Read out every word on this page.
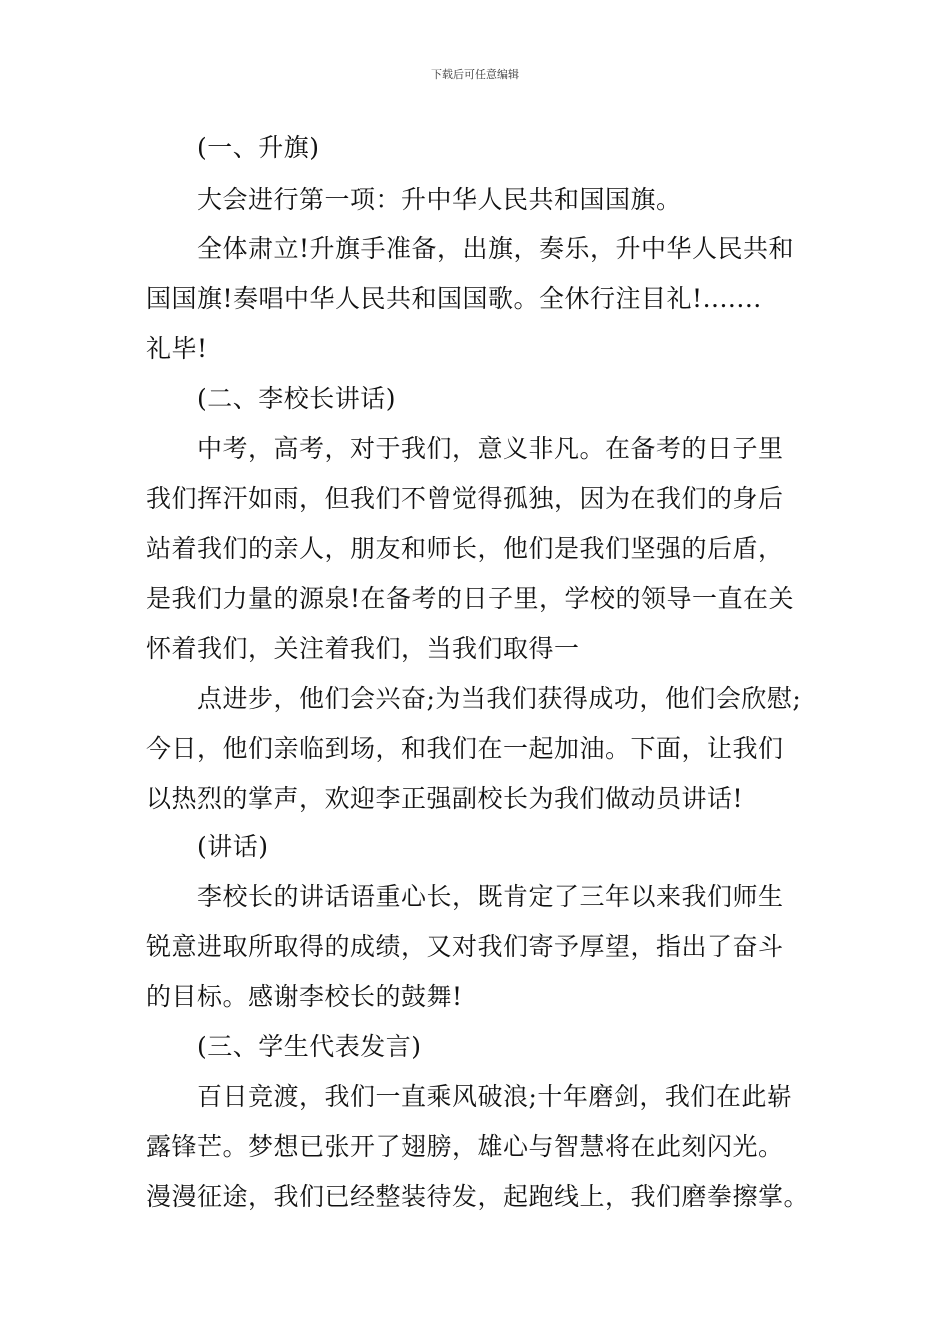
下载后可任意编辑
(一、升旗)
大会进行第一项：升中华人民共和国国旗。
全体肃立!升旗手准备，出旗，奏乐，升中华人民共和
国国旗!奏唱中华人民共和国国歌。全休行注目礼!.......
礼毕!
(二、李校长讲话)
中考，高考，对于我们，意义非凡。在备考的日子里
我们挥汗如雨，但我们不曾觉得孤独，因为在我们的身后
站着我们的亲人，朋友和师长，他们是我们坚强的后盾，
是我们力量的源泉!在备考的日子里，学校的领导一直在关
怀着我们，关注着我们，当我们取得一
点进步，他们会兴奋;为当我们获得成功，他们会欣慰;
今日，他们亲临到场，和我们在一起加油。下面，让我们
以热烈的掌声，欢迎李正强副校长为我们做动员讲话!
(讲话)
李校长的讲话语重心长，既肯定了三年以来我们师生
锐意进取所取得的成绩，又对我们寄予厚望，指出了奋斗
的目标。感谢李校长的鼓舞!
(三、学生代表发言)
百日竞渡，我们一直乘风破浪;十年磨剑，我们在此崭
露锋芒。梦想已张开了翅膀，雄心与智慧将在此刻闪光。
漫漫征途，我们已经整装待发，起跑线上，我们磨拳擦掌。
